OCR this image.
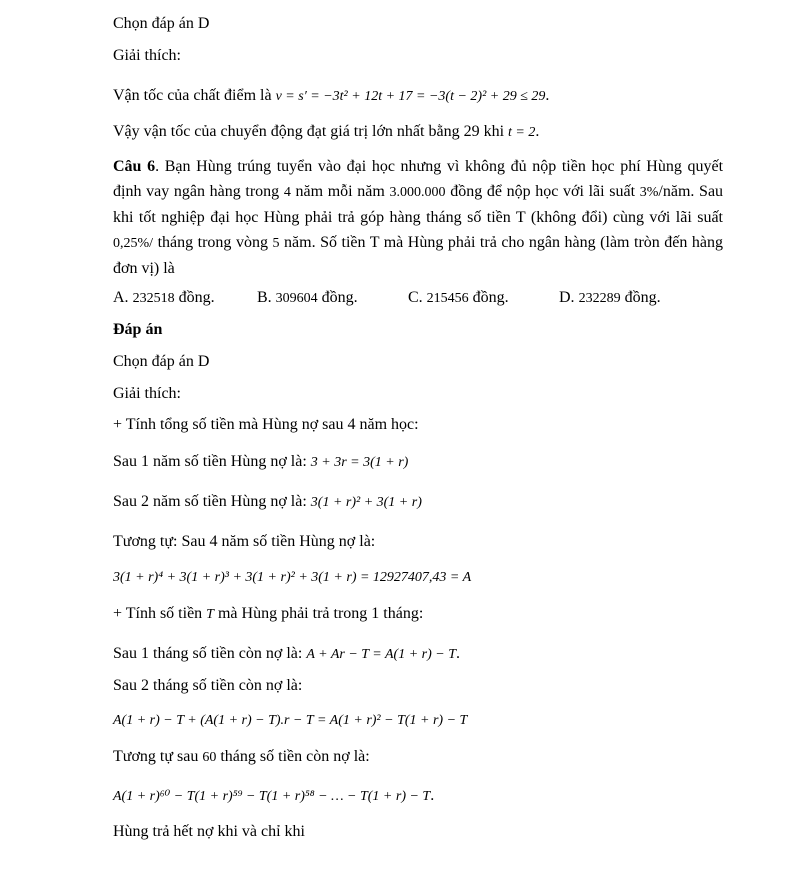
Chọn đáp án D
Giải thích:
Vận tốc của chất điểm là v = s′ = −3t² + 12t + 17 = −3(t − 2)² + 29 ≤ 29.
Vậy vận tốc của chuyển động đạt giá trị lớn nhất bằng 29 khi t = 2.
Câu 6. Bạn Hùng trúng tuyển vào đại học nhưng vì không đủ nộp tiền học phí Hùng quyết định vay ngân hàng trong 4 năm mỗi năm 3.000.000 đồng để nộp học với lãi suất 3%/năm. Sau khi tốt nghiệp đại học Hùng phải trả góp hàng tháng số tiền T (không đổi) cùng với lãi suất 0,25%/ tháng trong vòng 5 năm. Số tiền T mà Hùng phải trả cho ngân hàng (làm tròn đến hàng đơn vị) là
A. 232518 đồng.	B. 309604 đồng.	C. 215456 đồng.	D. 232289 đồng.
Đáp án
Chọn đáp án D
Giải thích:
+ Tính tổng số tiền mà Hùng nợ sau 4 năm học:
Sau 1 năm số tiền Hùng nợ là: 3 + 3r = 3(1 + r)
Sau 2 năm số tiền Hùng nợ là: 3(1 + r)² + 3(1 + r)
Tương tự: Sau 4 năm số tiền Hùng nợ là:
3(1 + r)⁴ + 3(1 + r)³ + 3(1 + r)² + 3(1 + r) = 12927407,43 = A
+ Tính số tiền T mà Hùng phải trả trong 1 tháng:
Sau 1 tháng số tiền còn nợ là: A + Ar − T = A(1 + r) − T.
Sau 2 tháng số tiền còn nợ là:
A(1 + r) − T + (A(1 + r) − T).r − T = A(1 + r)² − T(1 + r) − T
Tương tự sau 60 tháng số tiền còn nợ là:
A(1 + r)⁶⁰ − T(1 + r)⁵⁹ − T(1 + r)⁵⁸ − … − T(1 + r) − T.
Hùng trả hết nợ khi và chỉ khi
